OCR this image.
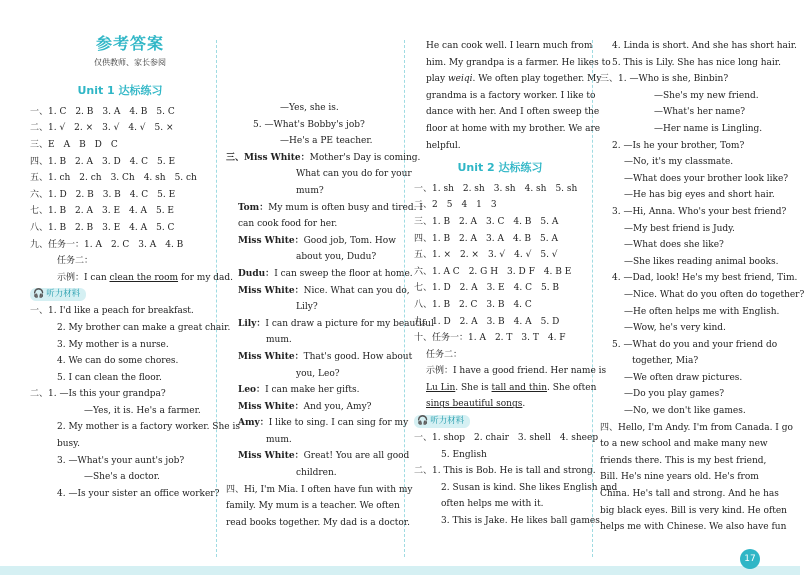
参考答案
仅供教师、家长参阅
Unit 1 达标练习
一、1. C　2. B　3. A　4. B　5. C
二、1. √　2. ×　3. √　4. √　5. ×
三、E　A　B　D　C
四、1. B　2. A　3. D　4. C　5. E
五、1. ch　2. ch　3. Ch　4. sh　5. ch
六、1. D　2. B　3. B　4. C　5. E
七、1. B　2. A　3. E　4. A　5. E
八、1. B　2. B　3. E　4. A　5. C
九、任务一：1. A　2. C　3. A　4. B
任务二：
示例：I can clean the room for my dad.
🎧 听力材料
一、1. I'd like a peach for breakfast.
2. My brother can make a great chair.
3. My mother is a nurse.
4. We can do some chores.
5. I can clean the floor.
二、1. —Is this your grandpa?
—Yes, it is. He's a farmer.
2. My mother is a factory worker. She is
busy.
3. —What's your aunt's job?
—She's a doctor.
4. —Is your sister an office worker?
—Yes, she is.
5. —What's Bobby's job?
—He's a PE teacher.
三、Miss White：Mother's Day is coming.
What can you do for your
mum?
Tom：My mum is often busy and tired. I
can cook food for her.
Miss White：Good job, Tom. How
about you, Dudu?
Dudu：I can sweep the floor at home.
Miss White：Nice. What can you do,
Lily?
Lily：I can draw a picture for my beautiful
mum.
Miss White：That's good. How about
you, Leo?
Leo：I can make her gifts.
Miss White：And you, Amy?
Amy：I like to sing. I can sing for my
mum.
Miss White：Great! You are all good
children.
四、Hi, I'm Mia. I often have fun with my
family. My mum is a teacher. We often
read books together. My dad is a doctor.
He can cook well. I learn much from
him. My grandpa is a farmer. He likes to
play weiqi. We often play together. My
grandma is a factory worker. I like to
dance with her. And I often sweep the
floor at home with my brother. We are
helpful.
Unit 2 达标练习
一、1. sh　2. sh　3. sh　4. sh　5. sh
二、2　5　4　1　3
三、1. B　2. A　3. C　4. B　5. A
四、1. B　2. A　3. A　4. B　5. A
五、1. ×　2. ×　3. √　4. √　5. √
六、1. A C　2. G H　3. D F　4. B E
七、1. D　2. A　3. E　4. C　5. B
八、1. B　2. C　3. B　4. C
九、1. D　2. A　3. B　4. A　5. D
十、任务一：1. A　2. T　3. T　4. F
任务二：
示例：I have a good friend. Her name is
Lu Lin. She is tall and thin. She often
sings beautiful songs.
🎧 听力材料
一、1. shop　2. chair　3. shell　4. sheep
5. English
二、1. This is Bob. He is tall and strong.
2. Susan is kind. She likes English and
often helps me with it.
3. This is Jake. He likes ball games.
4. Linda is short. And she has short hair.
5. This is Lily. She has nice long hair.
三、1. —Who is she, Binbin?
—She's my new friend.
—What's her name?
—Her name is Lingling.
2. —Is he your brother, Tom?
—No, it's my classmate.
—What does your brother look like?
—He has big eyes and short hair.
3. —Hi, Anna. Who's your best friend?
—My best friend is Judy.
—What does she like?
—She likes reading animal books.
4. —Dad, look! He's my best friend, Tim.
—Nice. What do you often do together?
—He often helps me with English.
—Wow, he's very kind.
5. —What do you and your friend do
together, Mia?
—We often draw pictures.
—Do you play games?
—No, we don't like games.
四、Hello, I'm Andy. I'm from Canada. I go
to a new school and make many new
friends there. This is my best friend,
Bill. He's nine years old. He's from
China. He's tall and strong. And he has
big black eyes. Bill is very kind. He often
helps me with Chinese. We also have fun
17
